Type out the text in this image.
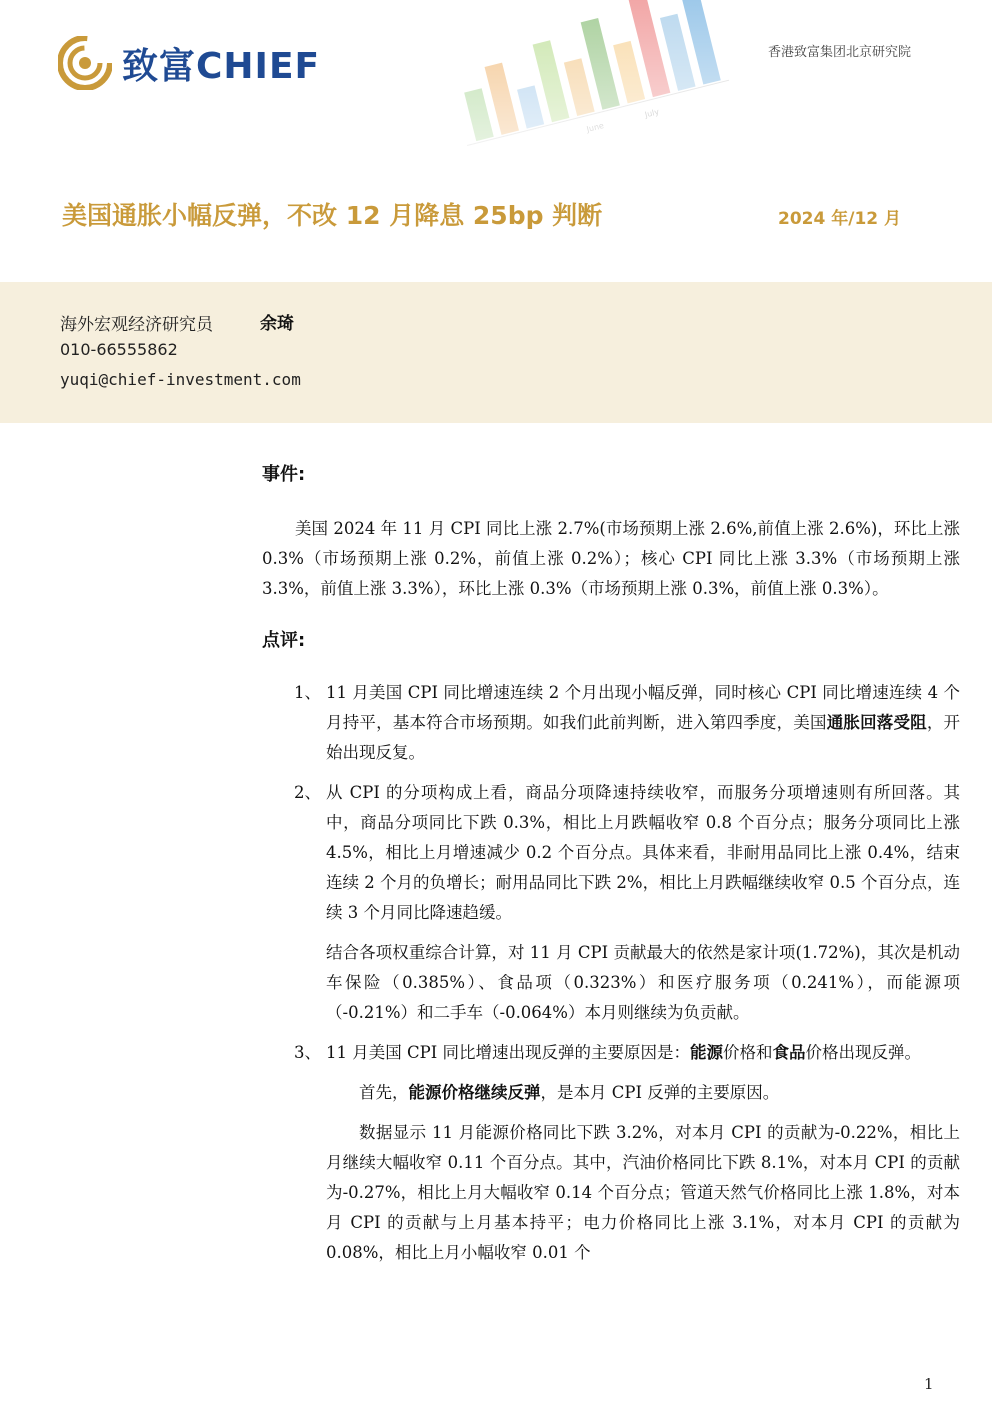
致富CHIEF	香港致富集团北京研究院
美国通胀小幅反弹，不改 12 月降息 25bp 判断	2024 年/12 月
海外宏观经济研究员	余琦
010-66555862
yuqi@chief-investment.com
事件:

美国 2024 年 11 月 CPI 同比上涨 2.7%(市场预期上涨 2.6%,前值上涨 2.6%)，环比上涨 0.3%（市场预期上涨 0.2%，前值上涨 0.2%）；核心 CPI 同比上涨 3.3%（市场预期上涨 3.3%，前值上涨 3.3%），环比上涨 0.3%（市场预期上涨 0.3%，前值上涨 0.3%）。

点评:
1、 11 月美国 CPI 同比增速连续 2 个月出现小幅反弹，同时核心 CPI 同比增速连续 4 个月持平，基本符合市场预期。如我们此前判断，进入第四季度，美国通胀回落受阻，开始出现反复。
2、 从 CPI 的分项构成上看，商品分项降速持续收窄，而服务分项增速则有所回落。其中，商品分项同比下跌 0.3%，相比上月跌幅收窄 0.8 个百分点；服务分项同比上涨 4.5%，相比上月增速减少 0.2 个百分点。具体来看，非耐用品同比上涨 0.4%，结束连续 2 个月的负增长；耐用品同比下跌 2%，相比上月跌幅继续收窄 0.5 个百分点，连续 3 个月同比降速趋缓。

结合各项权重综合计算，对 11 月 CPI 贡献最大的依然是家计项(1.72%)，其次是机动车保险（0.385%）、食品项（0.323%）和医疗服务项（0.241%），而能源项（-0.21%）和二手车（-0.064%）本月则继续为负贡献。

3、 11 月美国 CPI 同比增速出现反弹的主要原因是：能源价格和食品价格出现反弹。

首先，能源价格继续反弹，是本月 CPI 反弹的主要原因。

数据显示 11 月能源价格同比下跌 3.2%，对本月 CPI 的贡献为-0.22%，相比上月继续大幅收窄 0.11 个百分点。其中，汽油价格同比下跌 8.1%，对本月 CPI 的贡献为-0.27%，相比上月大幅收窄 0.14 个百分点；管道天然气价格同比上涨 1.8%，对本月 CPI 的贡献与上月基本持平；电力价格同比上涨 3.1%，对本月 CPI 的贡献为 0.08%，相比上月小幅收窄 0.01 个

1
